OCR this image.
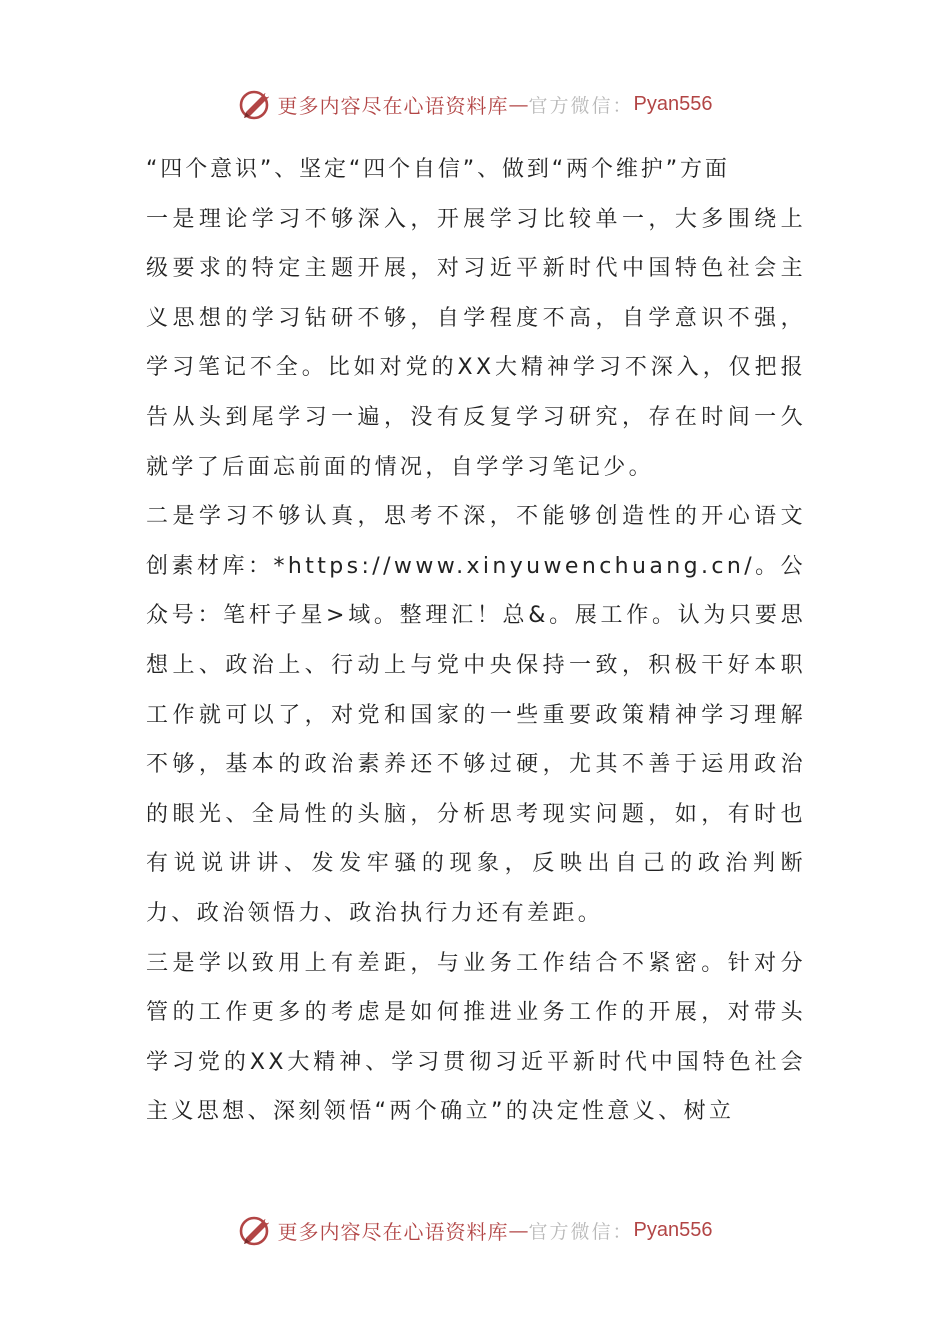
更多内容尽在心语资料库 — 官方微信： Pyan556

“四个意识”、坚定“四个自信”、做到“两个维护”方面

一是理论学习不够深入，开展学习比较单一，大多围绕上级要求的特定主题开展，对习近平新时代中国特色社会主义思想的学习钻研不够，自学程度不高，自学意识不强，学习笔记不全。比如对党的XX大精神学习不深入，仅把报告从头到尾学习一遍，没有反复学习研究，存在时间一久就学了后面忘前面的情况，自学学习笔记少。

二是学习不够认真，思考不深，不能够创造性的开心语文创素材库：*https://www.xinyuwenchuang.cn/。公众号：笔杆子星>域。整理汇！总&。展工作。认为只要思想上、政治上、行动上与党中央保持一致，积极干好本职工作就可以了，对党和国家的一些重要政策精神学习理解不够，基本的政治素养还不够过硬，尤其不善于运用政治的眼光、全局性的头脑，分析思考现实问题，如，有时也有说说讲讲、发发牢骚的现象，反映出自己的政治判断力、政治领悟力、政治执行力还有差距。

三是学以致用上有差距，与业务工作结合不紧密。针对分管的工作更多的考虑是如何推进业务工作的开展，对带头学习党的XX大精神、学习贯彻习近平新时代中国特色社会主义思想、深刻领悟“两个确立”的决定性意义、树立

更多内容尽在心语资料库 — 官方微信： Pyan556
